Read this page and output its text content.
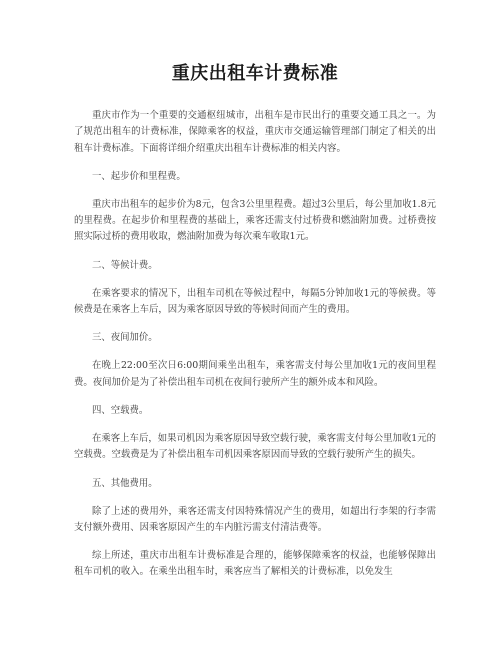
重庆出租车计费标准

重庆市作为一个重要的交通枢纽城市，出租车是市民出行的重要交通工具之一。为了规范出租车的计费标准，保障乘客的权益，重庆市交通运输管理部门制定了相关的出租车计费标准。下面将详细介绍重庆出租车计费标准的相关内容。

一、起步价和里程费。

重庆市出租车的起步价为8元，包含3公里里程费。超过3公里后，每公里加收1.8元的里程费。在起步价和里程费的基础上，乘客还需支付过桥费和燃油附加费。过桥费按照实际过桥的费用收取，燃油附加费为每次乘车收取1元。

二、等候计费。

在乘客要求的情况下，出租车司机在等候过程中，每隔5分钟加收1元的等候费。等候费是在乘客上车后，因为乘客原因导致的等候时间而产生的费用。

三、夜间加价。

在晚上22:00至次日6:00期间乘坐出租车，乘客需支付每公里加收1元的夜间里程费。夜间加价是为了补偿出租车司机在夜间行驶所产生的额外成本和风险。

四、空载费。

在乘客上车后，如果司机因为乘客原因导致空载行驶，乘客需支付每公里加收1元的空载费。空载费是为了补偿出租车司机因乘客原因而导致的空载行驶所产生的损失。

五、其他费用。

除了上述的费用外，乘客还需支付因特殊情况产生的费用，如超出行李架的行李需支付额外费用、因乘客原因产生的车内脏污需支付清洁费等。

综上所述，重庆市出租车计费标准是合理的，能够保障乘客的权益，也能够保障出租车司机的收入。在乘坐出租车时，乘客应当了解相关的计费标准，以免发生
